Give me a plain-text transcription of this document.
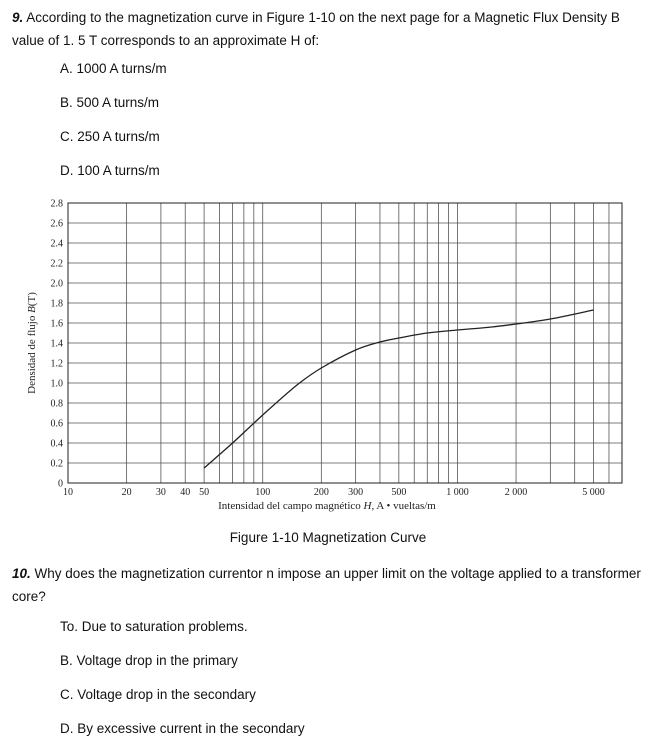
9. According to the magnetization curve in Figure 1-10 on the next page for a Magnetic Flux Density B value of 1. 5 T corresponds to an approximate H of:
A. 1000 A turns/m
B. 500 A turns/m
C. 250 A turns/m
D. 100 A turns/m
0
0.2
0.4
0.6
0.8
1.0
1.2
1.4
1.6
1.8
2.0
2.2
2.4
2.6
2.8
10	20 30 40 50	100	200 300	500	1 000	2 000	5 000
Intensidad del campo magnético H, A • vueltas/m
Densidad de flujo B(T)
Figure 1-10 Magnetization Curve
10. Why does the magnetization currentor n impose an upper limit on the voltage applied to a transformer core?
To. Due to saturation problems.
B. Voltage drop in the primary
C. Voltage drop in the secondary
D. By excessive current in the secondary
